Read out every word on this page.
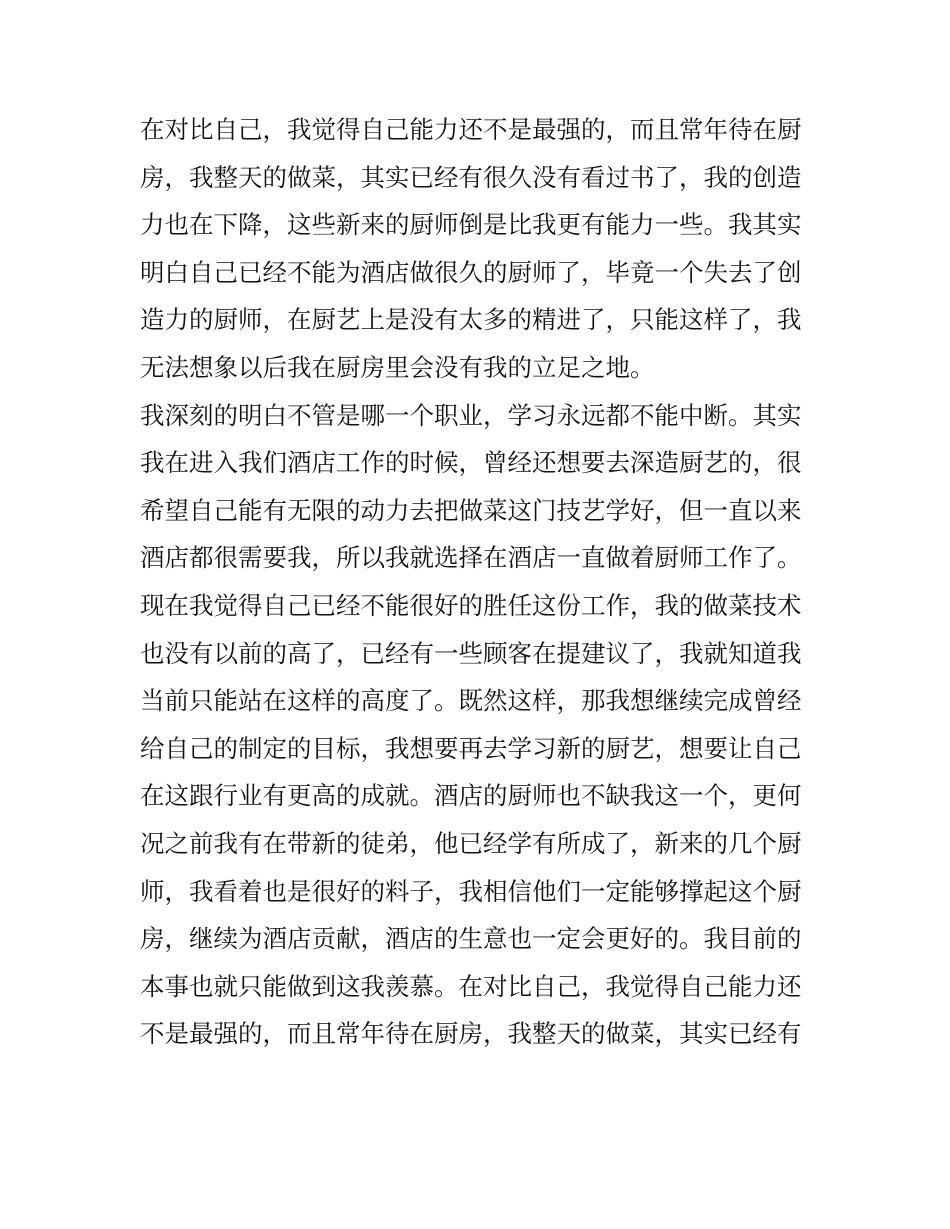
在对比自己，我觉得自己能力还不是最强的，而且常年待在厨
房，我整天的做菜，其实已经有很久没有看过书了，我的创造
力也在下降，这些新来的厨师倒是比我更有能力一些。我其实
明白自己已经不能为酒店做很久的厨师了，毕竟一个失去了创
造力的厨师，在厨艺上是没有太多的精进了，只能这样了，我
无法想象以后我在厨房里会没有我的立足之地。
我深刻的明白不管是哪一个职业，学习永远都不能中断。其实
我在进入我们酒店工作的时候，曾经还想要去深造厨艺的，很
希望自己能有无限的动力去把做菜这门技艺学好，但一直以来
酒店都很需要我，所以我就选择在酒店一直做着厨师工作了。
现在我觉得自己已经不能很好的胜任这份工作，我的做菜技术
也没有以前的高了，已经有一些顾客在提建议了，我就知道我
当前只能站在这样的高度了。既然这样，那我想继续完成曾经
给自己的制定的目标，我想要再去学习新的厨艺，想要让自己
在这跟行业有更高的成就。酒店的厨师也不缺我这一个，更何
况之前我有在带新的徒弟，他已经学有所成了，新来的几个厨
师，我看着也是很好的料子，我相信他们一定能够撑起这个厨
房，继续为酒店贡献，酒店的生意也一定会更好的。我目前的
本事也就只能做到这我羡慕。在对比自己，我觉得自己能力还
不是最强的，而且常年待在厨房，我整天的做菜，其实已经有
